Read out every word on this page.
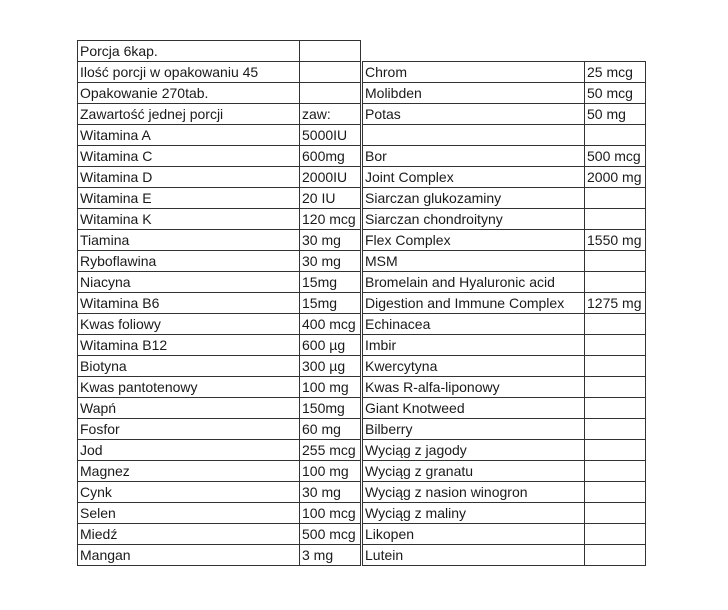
Porcja 6kap.	
Ilość porcji w opakowaniu 45	
Opakowanie 270tab.	
Zawartość jednej porcji	zaw:
Witamina A	5000IU
Witamina C	600mg
Witamina D	2000IU
Witamina E	20 IU
Witamina K	120 mcg
Tiamina	30 mg
Ryboflawina	30 mg
Niacyna	15mg
Witamina B6	15mg
Kwas foliowy	400 mcg
Witamina B12	600 µg
Biotyna	300 µg
Kwas pantotenowy	100 mg
Wapń	150mg
Fosfor	60 mg
Jod	255 mcg
Magnez	100 mg
Cynk	30 mg
Selen	100 mcg
Miedź	500 mcg
Mangan	3 mg
Chrom	25 mcg
Molibden	50 mcg
Potas	50 mg

Bor	500 mcg
Joint Complex	2000 mg
Siarczan glukozaminy	
Siarczan chondroityny	
Flex Complex	1550 mg
MSM	
Bromelain and Hyaluronic acid	
Digestion and Immune Complex	1275 mg
Echinacea	
Imbir	
Kwercytyna	
Kwas R-alfa-liponowy	
Giant Knotweed	
Bilberry	
Wyciąg z jagody	
Wyciąg z granatu	
Wyciąg z nasion winogron	
Wyciąg z maliny	
Likopen	
Lutein	
